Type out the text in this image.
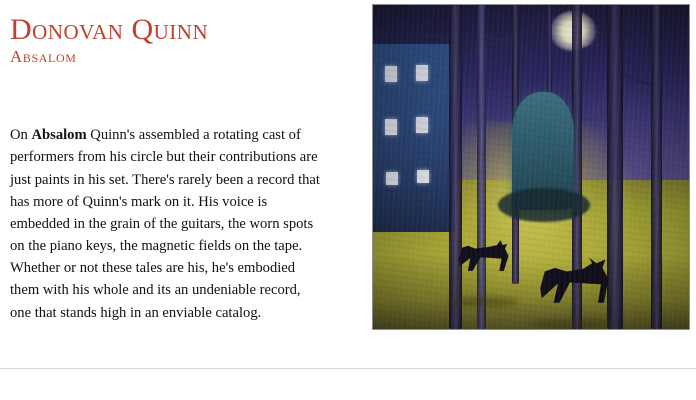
Donovan Quinn
Absalom

On Absalom Quinn's assembled a rotating cast of performers from his circle but their contributions are just paints in his set. There's rarely been a record that has more of Quinn's mark on it. His voice is embedded in the grain of the guitars, the worn spots on the piano keys, the magnetic fields on the tape. Whether or not these tales are his, he's embodied them with his whole and its an undeniable record, one that stands high in an enviable catalog.
